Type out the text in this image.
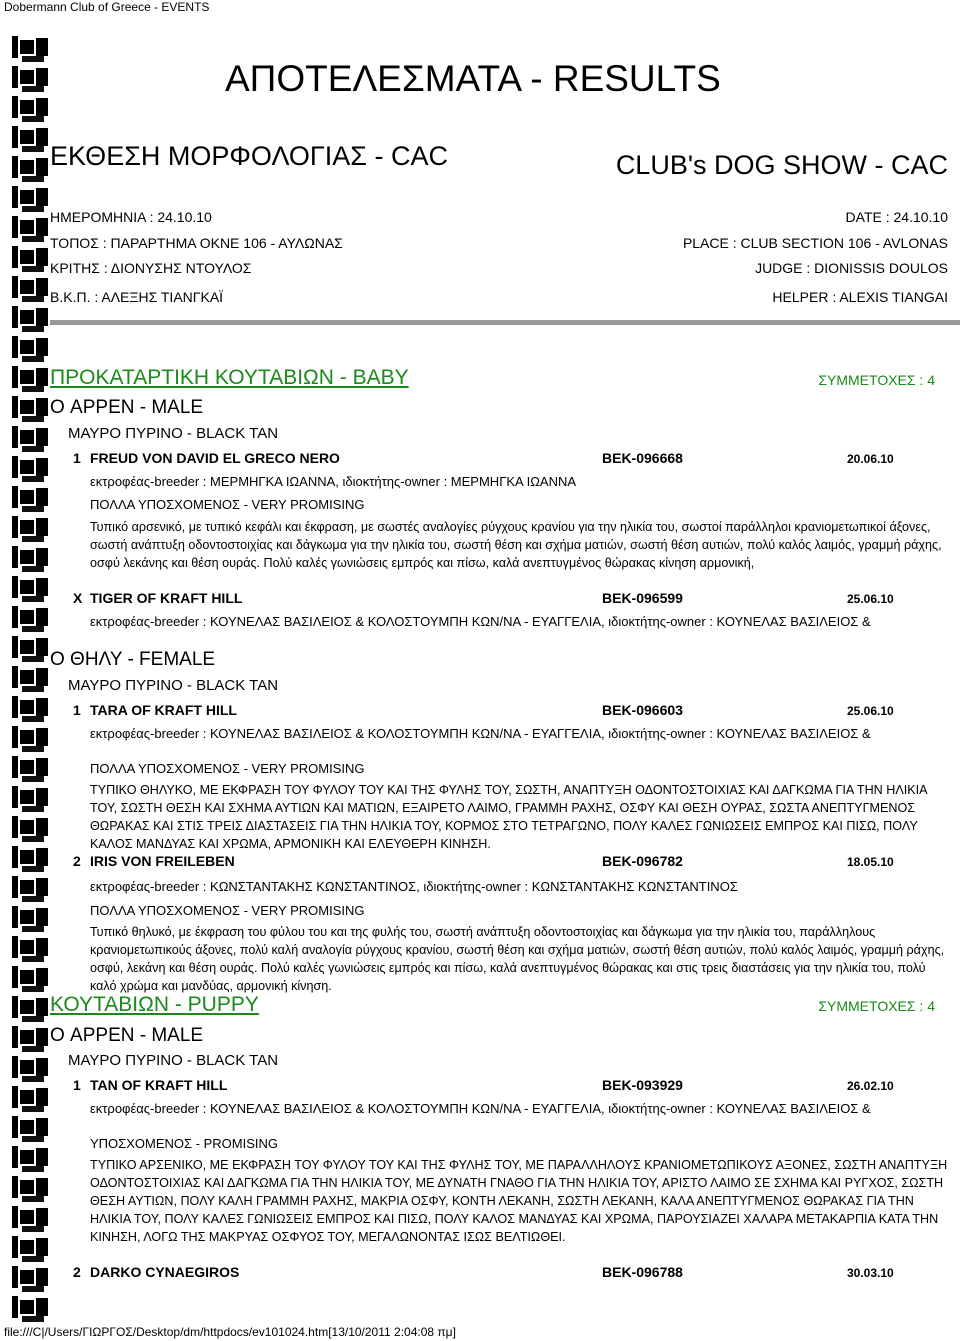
Dobermann Club of Greece - EVENTS
ΑΠΟΤΕΛΕΣΜΑΤΑ - RESULTS
ΕΚΘΕΣΗ ΜΟΡΦΟΛΟΓΙΑΣ - CAC	CLUB's DOG SHOW - CAC
ΗΜΕΡΟΜΗΝΙΑ : 24.10.10
ΤΟΠΟΣ : ΠΑΡΑΡΤΗΜΑ ΟΚΝΕ 106 - ΑΥΛΩΝΑΣ
ΚΡΙΤΗΣ : ΔΙΟΝΥΣΗΣ ΝΤΟΥΛΟΣ
Β.Κ.Π. : ΑΛΕΞΗΣ ΤΙΑΝΓΚΑΪ
DATE : 24.10.10
PLACE : CLUB SECTION 106 - AVLONAS
JUDGE : DIONISSIS DOULOS
HELPER : ALEXIS TIANGAI
ΠΡΟΚΑΤΑΡΤΙΚΗ ΚΟΥΤΑΒΙΩΝ - BABY	ΣΥΜΜΕΤΟΧΕΣ : 4
O ΑΡΡΕΝ - MALE
ΜΑΥΡΟ ΠΥΡΙΝΟ - BLACK TAN
1 FREUD VON DAVID EL GRECO NERO	BEK-096668	20.06.10
εκτροφέας-breeder : ΜΕΡΜΗΓΚΑ ΙΩΑΝΝΑ, ιδιοκτήτης-owner : ΜΕΡΜΗΓΚΑ ΙΩΑΝΝΑ
ΠΟΛΛΑ ΥΠΟΣΧΟΜΕΝΟΣ - VERY PROMISING
Τυπικό αρσενικό, με τυπικό κεφάλι και έκφραση, με σωστές αναλογίες ρύγχους κρανίου για την ηλικία του, σωστοί παράλληλοι κρανιομετωπικοί άξονες, σωστή ανάπτυξη οδοντοστοιχίας και δάγκωμα για την ηλικία του, σωστή θέση και σχήμα ματιών, σωστή θέση αυτιών, πολύ καλός λαιμός, γραμμή ράχης, οσφύ λεκάνης και θέση ουράς. Πολύ καλές γωνιώσεις εμπρός και πίσω, καλά ανεπτυγμένος θώρακας κίνηση αρμονική,
X TIGER OF KRAFT HILL	BEK-096599	25.06.10
εκτροφέας-breeder : ΚΟΥΝΕΛΑΣ ΒΑΣΙΛΕΙΟΣ & ΚΟΛΟΣΤΟΥΜΠΗ ΚΩΝ/ΝΑ - ΕΥΑΓΓΕΛΙΑ, ιδιοκτήτης-owner : ΚΟΥΝΕΛΑΣ ΒΑΣΙΛΕΙΟΣ &
O ΘΗΛΥ - FEMALE
ΜΑΥΡΟ ΠΥΡΙΝΟ - BLACK TAN
1 TARA OF KRAFT HILL	BEK-096603	25.06.10
εκτροφέας-breeder : ΚΟΥΝΕΛΑΣ ΒΑΣΙΛΕΙΟΣ & ΚΟΛΟΣΤΟΥΜΠΗ ΚΩΝ/ΝΑ - ΕΥΑΓΓΕΛΙΑ, ιδιοκτήτης-owner : ΚΟΥΝΕΛΑΣ ΒΑΣΙΛΕΙΟΣ &
ΠΟΛΛΑ ΥΠΟΣΧΟΜΕΝΟΣ - VERY PROMISING
ΤΥΠΙΚΟ ΘΗΛΥΚΟ, ΜΕ ΕΚΦΡΑΣΗ ΤΟΥ ΦΥΛΟΥ ΤΟΥ ΚΑΙ ΤΗΣ ΦΥΛΗΣ ΤΟΥ, ΣΩΣΤΗ, ΑΝΑΠΤΥΞΗ ΟΔΟΝΤΟΣΤΟΙΧΙΑΣ ΚΑΙ ΔΑΓΚΩΜΑ ΓΙΑ ΤΗΝ ΗΛΙΚΙΑ ΤΟΥ, ΣΩΣΤΗ ΘΕΣΗ ΚΑΙ ΣΧΗΜΑ ΑΥΤΙΩΝ ΚΑΙ ΜΑΤΙΩΝ, ΕΞΑΙΡΕΤΟ ΛΑΙΜΟ, ΓΡΑΜΜΗ ΡΑΧΗΣ, ΟΣΦΥ ΚΑΙ ΘΕΣΗ ΟΥΡΑΣ, ΣΩΣΤΑ ΑΝΕΠΤΥΓΜΕΝΟΣ ΘΩΡΑΚΑΣ ΚΑΙ ΣΤΙΣ ΤΡΕΙΣ ΔΙΑΣΤΑΣΕΙΣ ΓΙΑ ΤΗΝ ΗΛΙΚΙΑ ΤΟΥ, ΚΟΡΜΟΣ ΣΤΟ ΤΕΤΡΑΓΩΝΟ, ΠΟΛΥ ΚΑΛΕΣ ΓΩΝΙΩΣΕΙΣ ΕΜΠΡΟΣ ΚΑΙ ΠΙΣΩ, ΠΟΛΥ ΚΑΛΟΣ ΜΑΝΔΥΑΣ ΚΑΙ ΧΡΩΜΑ, ΑΡΜΟΝΙΚΗ ΚΑΙ ΕΛΕΥΘΕΡΗ ΚΙΝΗΣΗ.
2 IRIS VON FREILEBEN	BEK-096782	18.05.10
εκτροφέας-breeder : ΚΩΝΣΤΑΝΤΑΚΗΣ ΚΩΝΣΤΑΝΤΙΝΟΣ, ιδιοκτήτης-owner : ΚΩΝΣΤΑΝΤΑΚΗΣ ΚΩΝΣΤΑΝΤΙΝΟΣ
ΠΟΛΛΑ ΥΠΟΣΧΟΜΕΝΟΣ - VERY PROMISING
Τυπικό θηλυκό, με έκφραση του φύλου του και της φυλής του, σωστή ανάπτυξη οδοντοστοιχίας και δάγκωμα για την ηλικία του, παράλληλους κρανιομετωπικούς άξονες, πολύ καλή αναλογία ρύγχους κρανίου, σωστή θέση και σχήμα ματιών, σωστή θέση αυτιών, πολύ καλός λαιμός, γραμμή ράχης, οσφύ, λεκάνη και θέση ουράς. Πολύ καλές γωνιώσεις εμπρός και πίσω, καλά ανεπτυγμένος θώρακας και στις τρεις διαστάσεις για την ηλικία του, πολύ καλό χρώμα και μανδύας, αρμονική κίνηση.
ΚΟΥΤΑΒΙΩΝ - PUPPY	ΣΥΜΜΕΤΟΧΕΣ : 4
O ΑΡΡΕΝ - MALE
ΜΑΥΡΟ ΠΥΡΙΝΟ - BLACK TAN
1 TAN OF KRAFT HILL	BEK-093929	26.02.10
εκτροφέας-breeder : ΚΟΥΝΕΛΑΣ ΒΑΣΙΛΕΙΟΣ & ΚΟΛΟΣΤΟΥΜΠΗ ΚΩΝ/ΝΑ - ΕΥΑΓΓΕΛΙΑ, ιδιοκτήτης-owner : ΚΟΥΝΕΛΑΣ ΒΑΣΙΛΕΙΟΣ &
ΥΠΟΣΧΟΜΕΝΟΣ - PROMISING
ΤΥΠΙΚΟ ΑΡΣΕΝΙΚΟ, ΜΕ ΕΚΦΡΑΣΗ ΤΟΥ ΦΥΛΟΥ ΤΟΥ ΚΑΙ ΤΗΣ ΦΥΛΗΣ ΤΟΥ, ΜΕ ΠΑΡΑΛΛΗΛΟΥΣ ΚΡΑΝΙΟΜΕΤΩΠΙΚΟΥΣ ΑΞΟΝΕΣ, ΣΩΣΤΗ ΑΝΑΠΤΥΞΗ ΟΔΟΝΤΟΣΤΟΙΧΙΑΣ ΚΑΙ ΔΑΓΚΩΜΑ ΓΙΑ ΤΗΝ ΗΛΙΚΙΑ ΤΟΥ, ΜΕ ΔΥΝΑΤΗ ΓΝΑΘΟ ΓΙΑ ΤΗΝ ΗΛΙΚΙΑ ΤΟΥ, ΑΡΙΣΤΟ ΛΑΙΜΟ ΣΕ ΣΧΗΜΑ ΚΑΙ ΡΥΓΧΟΣ, ΣΩΣΤΗ ΘΕΣΗ ΑΥΤΙΩΝ, ΠΟΛΥ ΚΑΛΗ ΓΡΑΜΜΗ ΡΑΧΗΣ, ΜΑΚΡΙΑ ΟΣΦΥ, ΚΟΝΤΗ ΛΕΚΑΝΗ, ΣΩΣΤΗ ΛΕΚΑΝΗ, ΚΑΛΑ ΑΝΕΠΤΥΓΜΕΝΟΣ ΘΩΡΑΚΑΣ ΓΙΑ ΤΗΝ ΗΛΙΚΙΑ ΤΟΥ, ΠΟΛΥ ΚΑΛΕΣ ΓΩΝΙΩΣΕΙΣ ΕΜΠΡΟΣ ΚΑΙ ΠΙΣΩ, ΠΟΛΥ ΚΑΛΟΣ ΜΑΝΔΥΑΣ ΚΑΙ ΧΡΩΜΑ, ΠΑΡΟΥΣΙΑΖΕΙ ΧΑΛΑΡΑ ΜΕΤΑΚΑΡΠΙΑ ΚΑΤΑ ΤΗΝ ΚΙΝΗΣΗ, ΛΟΓΩ ΤΗΣ ΜΑΚΡΥΑΣ ΟΣΦΥΟΣ ΤΟΥ, ΜΕΓΑΛΩΝΟΝΤΑΣ ΙΣΩΣ ΒΕΛΤΙΩΘΕΙ.
2 DARKO CYNAEGIROS	BEK-096788	30.03.10
file:///C|/Users/ΓΙΩΡΓΟΣ/Desktop/dm/httpdocs/ev101024.htm[13/10/2011 2:04:08 πμ]
